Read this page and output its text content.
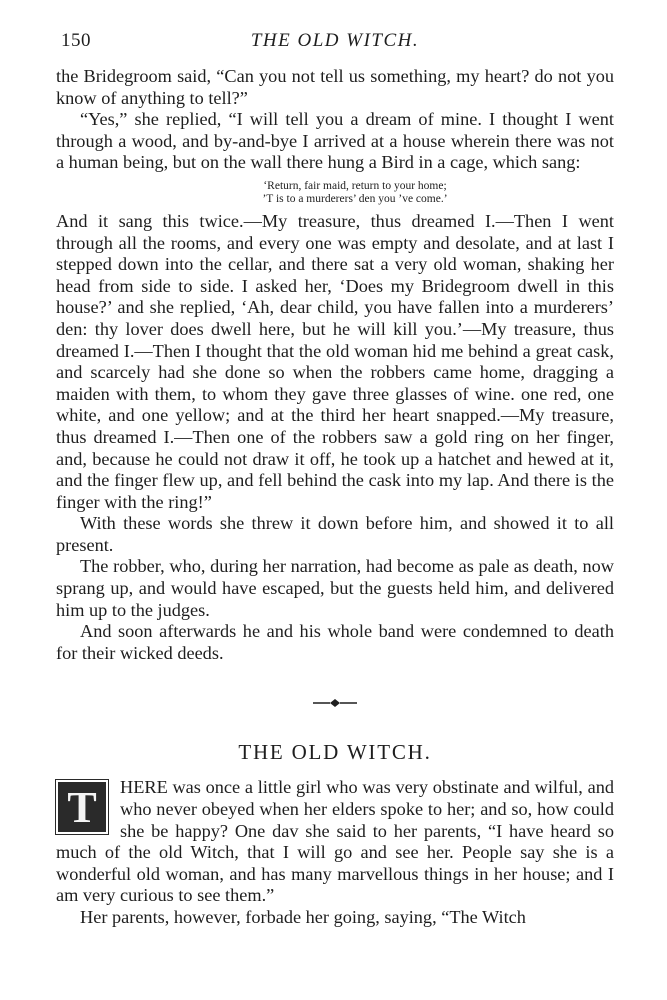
150	THE OLD WITCH.

the Bridegroom said, “Can you not tell us something, my heart? do not you know of anything to tell?”

“Yes,” she replied, “I will tell you a dream of mine. I thought I went through a wood, and by-and-bye I arrived at a house wherein there was not a human being, but on the wall there hung a Bird in a cage, which sang:

‘Return, fair maid, return to your home;
’T is to a murderers’ den you ’ve come.’

And it sang this twice.—My treasure, thus dreamed I.—Then I went through all the rooms, and every one was empty and desolate, and at last I stepped down into the cellar, and there sat a very old woman, shaking her head from side to side. I asked her, ‘Does my Bridegroom dwell in this house?’ and she replied, ‘Ah, dear child, you have fallen into a murderers’ den: thy lover does dwell here, but he will kill you.’—My treasure, thus dreamed I.—Then I thought that the old woman hid me behind a great cask, and scarcely had she done so when the robbers came home, dragging a maiden with them, to whom they gave three glasses of wine. one red, one white, and one yellow; and at the third her heart snapped.—My treasure, thus dreamed I.—Then one of the robbers saw a gold ring on her finger, and, because he could not draw it off, he took up a hatchet and hewed at it, and the finger flew up, and fell behind the cask into my lap. And there is the finger with the ring!”

With these words she threw it down before him, and showed it to all present.

The robber, who, during her narration, had become as pale as death, now sprang up, and would have escaped, but the guests held him, and delivered him up to the judges.

And soon afterwards he and his whole band were condemned to death for their wicked deeds.

THE OLD WITCH.
T	HERE was once a little girl who was very obstinate and wilful, and who never obeyed when her elders spoke to her; and so, how could she be happy? One dav she said to her parents, “I have heard so much of the old Witch, that I will go and see her. People say she is a wonderful old woman, and has many marvellous things in her house; and I am very curious to see them.”

Her parents, however, forbade her going, saying, “The Witch
